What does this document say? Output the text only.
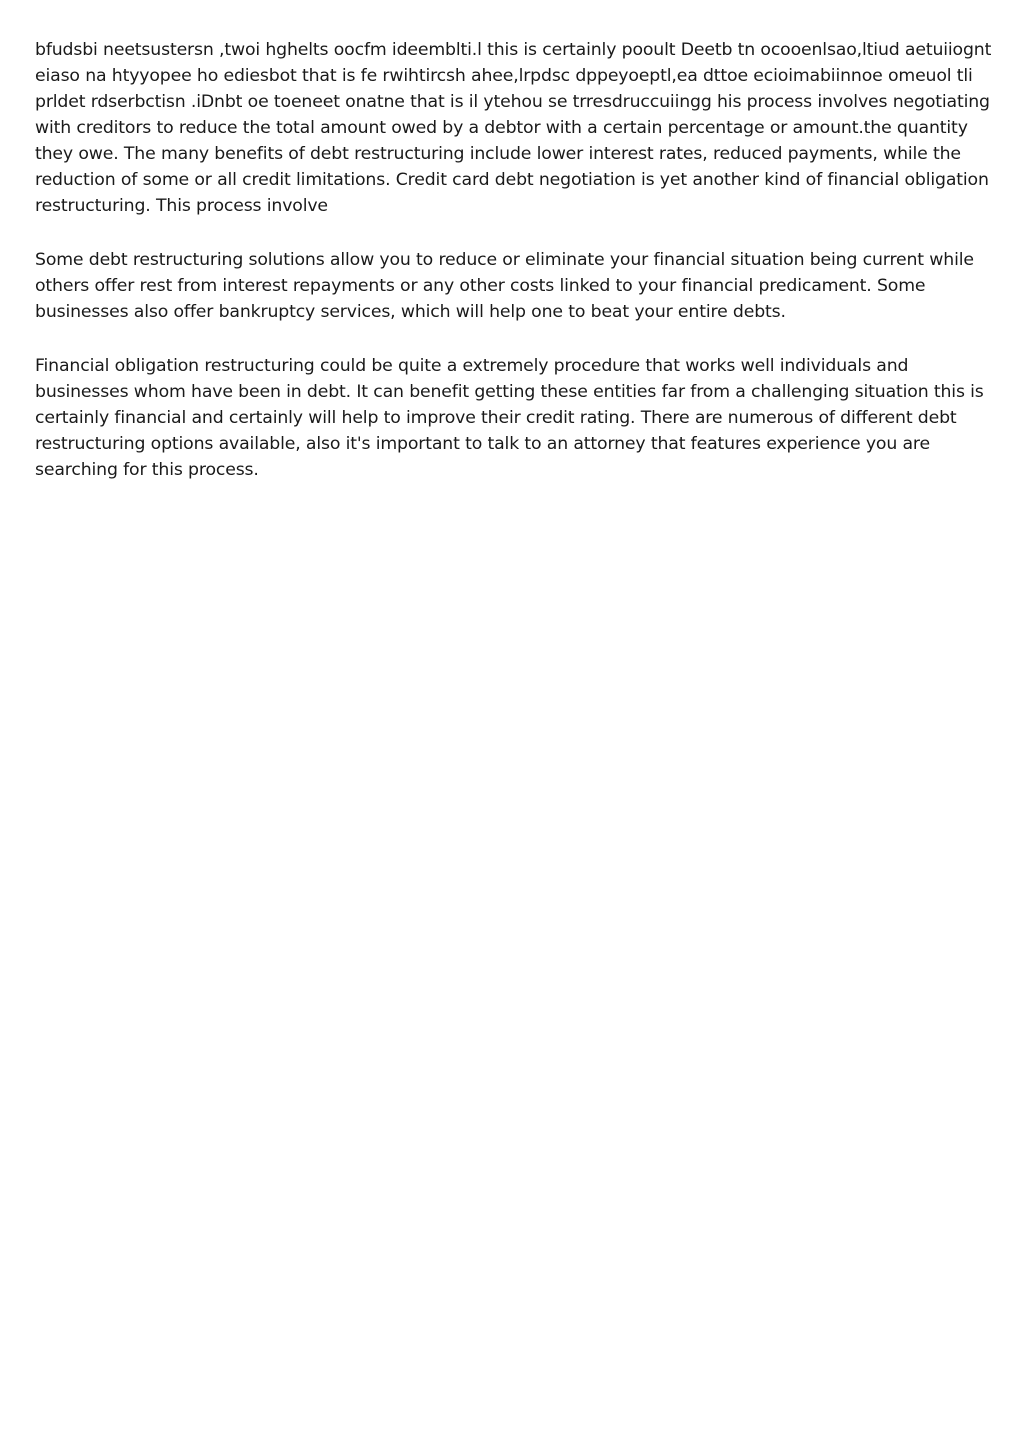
bfudsbi neetsustersn ,twoi hghelts oocfm ideemblti.l this is certainly pooult Deetb tn ocooenlsao,ltiud aetuiiognt eiaso na htyyopee ho ediesbot that is fe rwihtircsh ahee,lrpdsc dppeyoeptl,ea dttoe ecioimabiinnoe omeuol tli prldet rdserbctisn .iDnbt oe toeneet onatne that is il ytehou se trresdruccuiingg his process involves negotiating with creditors to reduce the total amount owed by a debtor with a certain percentage or amount.the quantity they owe. The many benefits of debt restructuring include lower interest rates, reduced payments, while the reduction of some or all credit limitations. Credit card debt negotiation is yet another kind of financial obligation restructuring. This process involve

Some debt restructuring solutions allow you to reduce or eliminate your financial situation being current while others offer rest from interest repayments or any other costs linked to your financial predicament. Some businesses also offer bankruptcy services, which will help one to beat your entire debts.

Financial obligation restructuring could be quite a extremely procedure that works well individuals and businesses whom have been in debt. It can benefit getting these entities far from a challenging situation this is certainly financial and certainly will help to improve their credit rating. There are numerous of different debt restructuring options available, also it's important to talk to an attorney that features experience you are searching for this process.
